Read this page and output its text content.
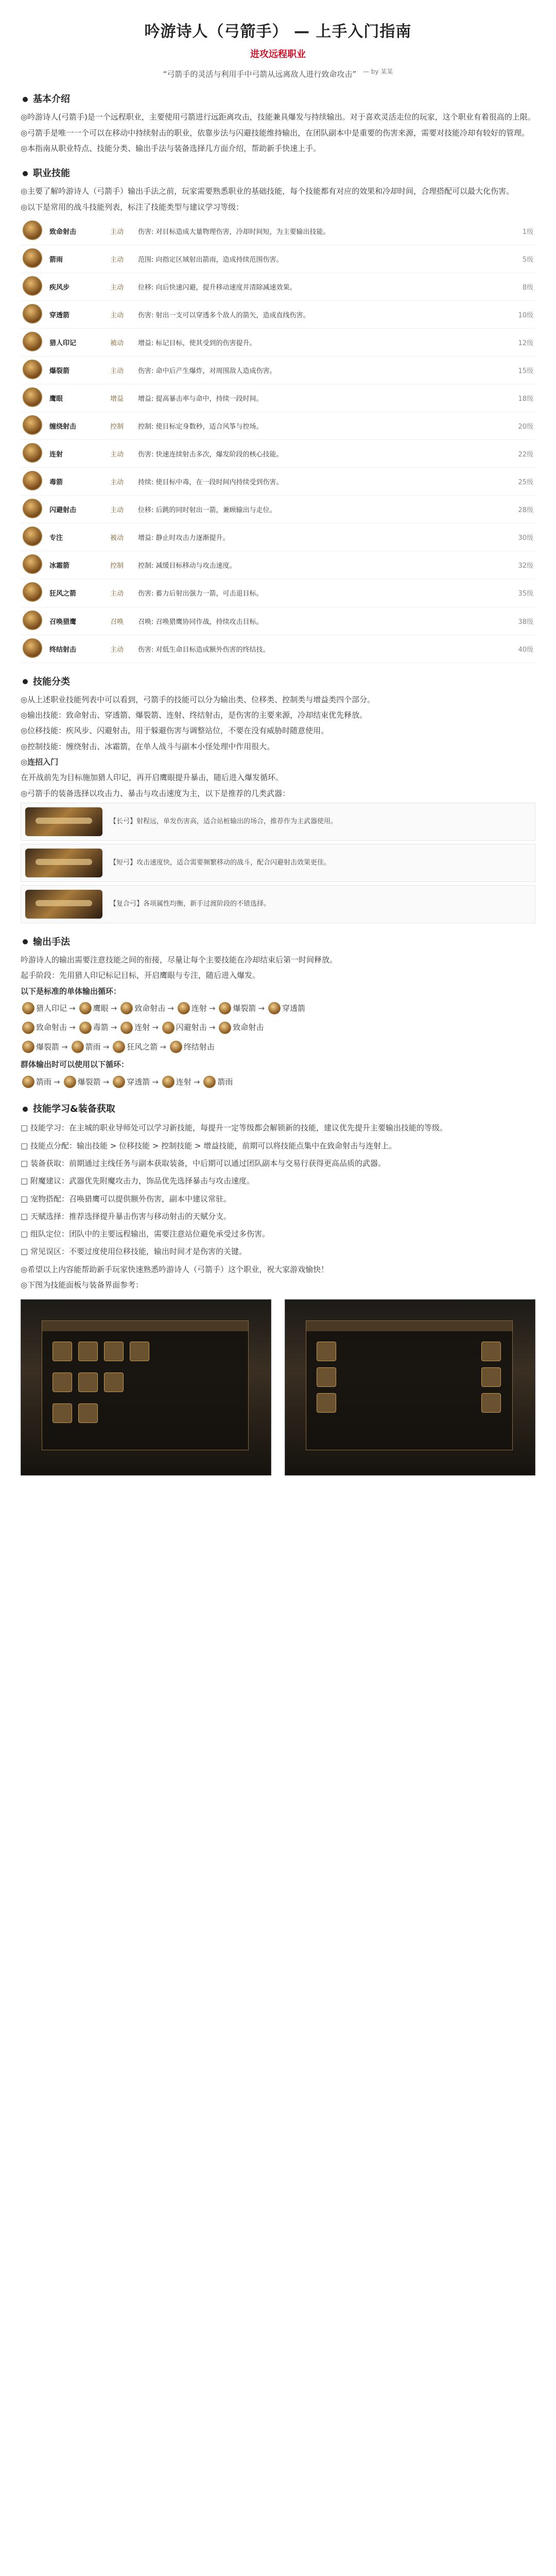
吟游诗人（弓箭手） — 上手入门指南
进攻远程职业
“弓箭手的灵活与利用手中弓箭从远离敌人进行致命攻击” $^{— by 某某}$
基本介绍

◎吟游诗人(弓箭手)是一个远程职业，主要使用弓箭进行远距离攻击，技能兼具爆发与持续输出。对于喜欢灵活走位的玩家，这个职业有着很高的上限。

◎弓箭手是唯一一个可以在移动中持续射击的职业，依靠步法与闪避技能维持输出，在团队副本中是重要的伤害来源，需要对技能冷却有较好的管理。

◎本指南从职业特点、技能分类、输出手法与装备选择几方面介绍，帮助新手快速上手。

职业技能

◎主要了解吟游诗人（弓箭手）输出手法之前，玩家需要熟悉职业的基础技能，每个技能都有对应的效果和冷却时间，合理搭配可以最大化伤害。

◎以下是常用的战斗技能列表，标注了技能类型与建议学习等级：

	致命射击	主动	伤害: 对目标造成大量物理伤害，冷却时间短，为主要输出技能。	1级
	箭雨	主动	范围: 向指定区域射出箭雨，造成持续范围伤害。	5级
	疾风步	主动	位移: 向后快速闪避，提升移动速度并清除减速效果。	8级
	穿透箭	主动	伤害: 射出一支可以穿透多个敌人的箭矢，造成直线伤害。	10级
	猎人印记	被动	增益: 标记目标，使其受到的伤害提升。	12级
	爆裂箭	主动	伤害: 命中后产生爆炸，对周围敌人造成伤害。	15级
	鹰眼	增益	增益: 提高暴击率与命中，持续一段时间。	18级
	缠绕射击	控制	控制: 使目标定身数秒，适合风筝与控场。	20级
	连射	主动	伤害: 快速连续射击多次，爆发阶段的核心技能。	22级
	毒箭	主动	持续: 使目标中毒，在一段时间内持续受到伤害。	25级
	闪避射击	主动	位移: 后跳的同时射出一箭，兼顾输出与走位。	28级
	专注	被动	增益: 静止时攻击力逐渐提升。	30级
	冰霜箭	控制	控制: 减缓目标移动与攻击速度。	32级
	狂风之箭	主动	伤害: 蓄力后射出强力一箭，可击退目标。	35级
	召唤猎鹰	召唤	召唤: 召唤猎鹰协同作战，持续攻击目标。	38级
	终结射击	主动	伤害: 对低生命目标造成额外伤害的终结技。	40级
技能分类

◎从上述职业技能列表中可以看到，弓箭手的技能可以分为输出类、位移类、控制类与增益类四个部分。

◎输出技能：致命射击、穿透箭、爆裂箭、连射、终结射击，是伤害的主要来源，冷却结束优先释放。

◎位移技能：疾风步、闪避射击，用于躲避伤害与调整站位，不要在没有威胁时随意使用。

◎控制技能：缠绕射击、冰霜箭，在单人战斗与副本小怪处理中作用很大。

◎连招入门

在开战前先为目标施加猎人印记，再开启鹰眼提升暴击，随后进入爆发循环。

◎弓箭手的装备选择以攻击力、暴击与攻击速度为主，以下是推荐的几类武器：

【长弓】射程远，单发伤害高，适合站桩输出的场合，推荐作为主武器使用。
【短弓】攻击速度快，适合需要频繁移动的战斗，配合闪避射击效果更佳。
【复合弓】各项属性均衡，新手过渡阶段的不错选择。
输出手法

吟游诗人的输出需要注意技能之间的衔接，尽量让每个主要技能在冷却结束后第一时间释放。

起手阶段：先用猎人印记标记目标，开启鹰眼与专注，随后进入爆发。

以下是标准的单体输出循环：

猎人印记 → 鹰眼 → 致命射击 → 连射 → 爆裂箭 → 穿透箭
致命射击 → 毒箭 → 连射 → 闪避射击 → 致命射击
爆裂箭 → 箭雨 → 狂风之箭 → 终结射击

群体输出时可以使用以下循环：

箭雨 → 爆裂箭 → 穿透箭 → 连射 → 箭雨
技能学习&装备获取

□ 技能学习：在主城的职业导师处可以学习新技能，每提升一定等级都会解锁新的技能，建议优先提升主要输出技能的等级。

□ 技能点分配：输出技能 > 位移技能 > 控制技能 > 增益技能，前期可以将技能点集中在致命射击与连射上。

□ 装备获取：前期通过主线任务与副本获取装备，中后期可以通过团队副本与交易行获得更高品质的武器。

□ 附魔建议：武器优先附魔攻击力，饰品优先选择暴击与攻击速度。

□ 宠物搭配：召唤猎鹰可以提供额外伤害，副本中建议常驻。

□ 天赋选择：推荐选择提升暴击伤害与移动射击的天赋分支。

□ 组队定位：团队中的主要远程输出，需要注意站位避免承受过多伤害。

□ 常见误区：不要过度使用位移技能，输出时间才是伤害的关键。

◎希望以上内容能帮助新手玩家快速熟悉吟游诗人（弓箭手）这个职业，祝大家游戏愉快！

◎下图为技能面板与装备界面参考：
